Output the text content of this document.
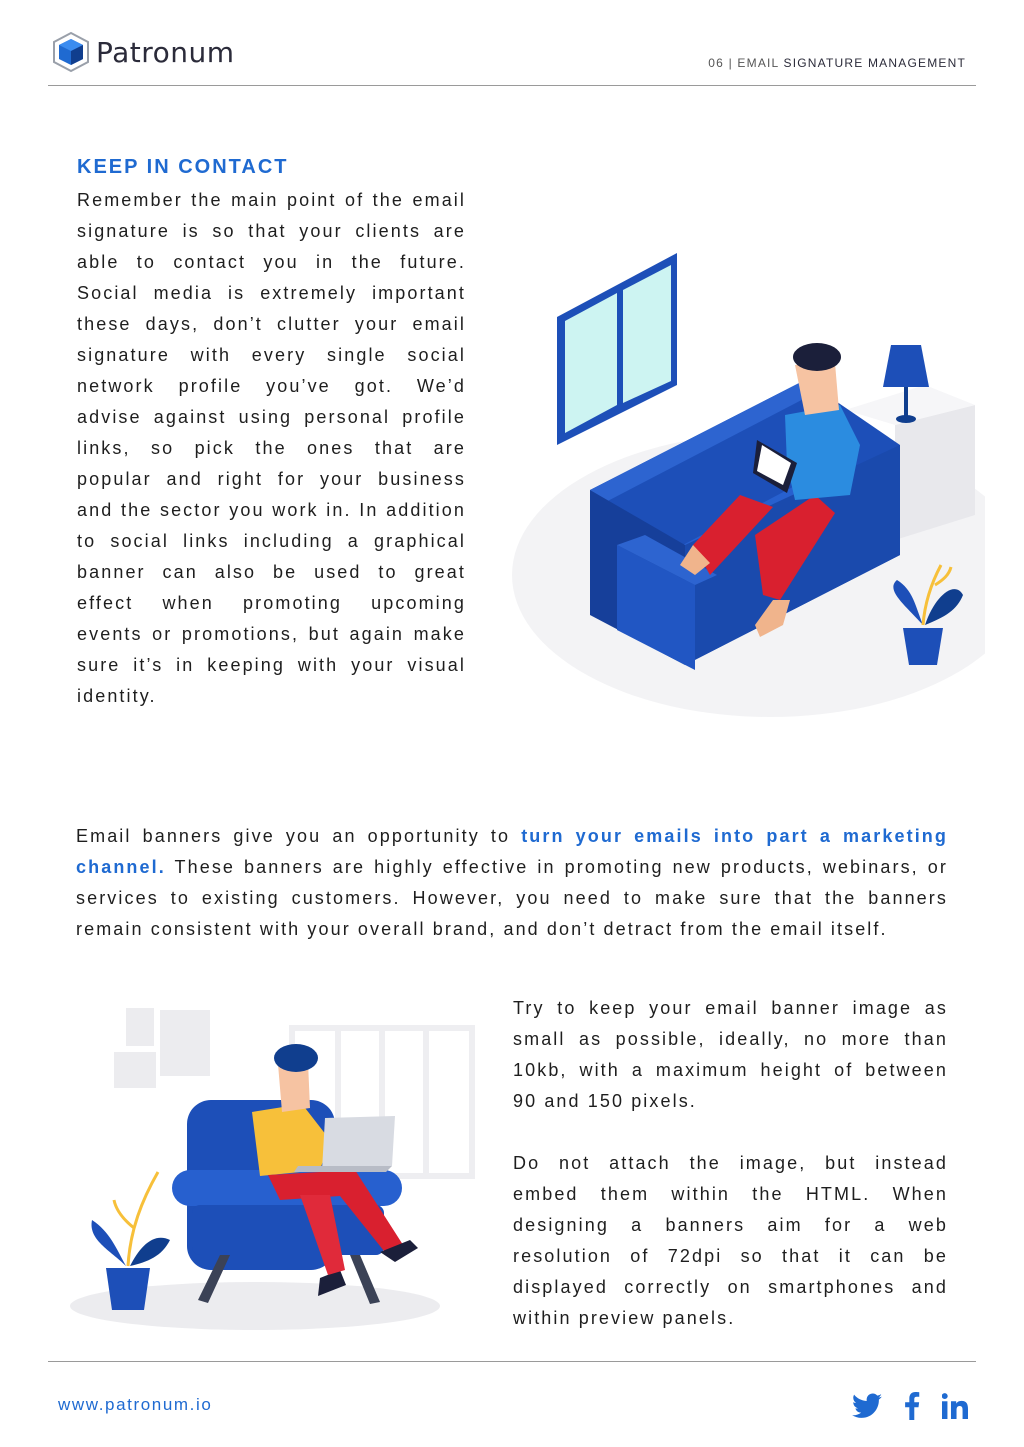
Patronum	06 | EMAIL SIGNATURE MANAGEMENT
KEEP IN CONTACT
Remember the main point of the email signature is so that your clients are able to contact you in the future. Social media is extremely important these days, don’t clutter your email signature with every single social network profile you’ve got. We’d advise against using personal profile links, so pick the ones that are popular and right for your business and the sector you work in. In addition to social links including a graphical banner can also be used to great effect when promoting upcoming events or promotions, but again make sure it’s in keeping with your visual identity.
Email banners give you an opportunity to turn your emails into part a marketing channel. These banners are highly effective in promoting new products, webinars, or services to existing customers. However, you need to make sure that the banners remain consistent with your overall brand, and don’t detract from the email itself.
Try to keep your email banner image as small as possible, ideally, no more than 10kb, with a maximum height of between 90 and 150 pixels.
Do not attach the image, but instead embed them within the HTML. When designing a banners aim for a web resolution of 72dpi so that it can be displayed correctly on smartphones and within preview panels.
www.patronum.io
